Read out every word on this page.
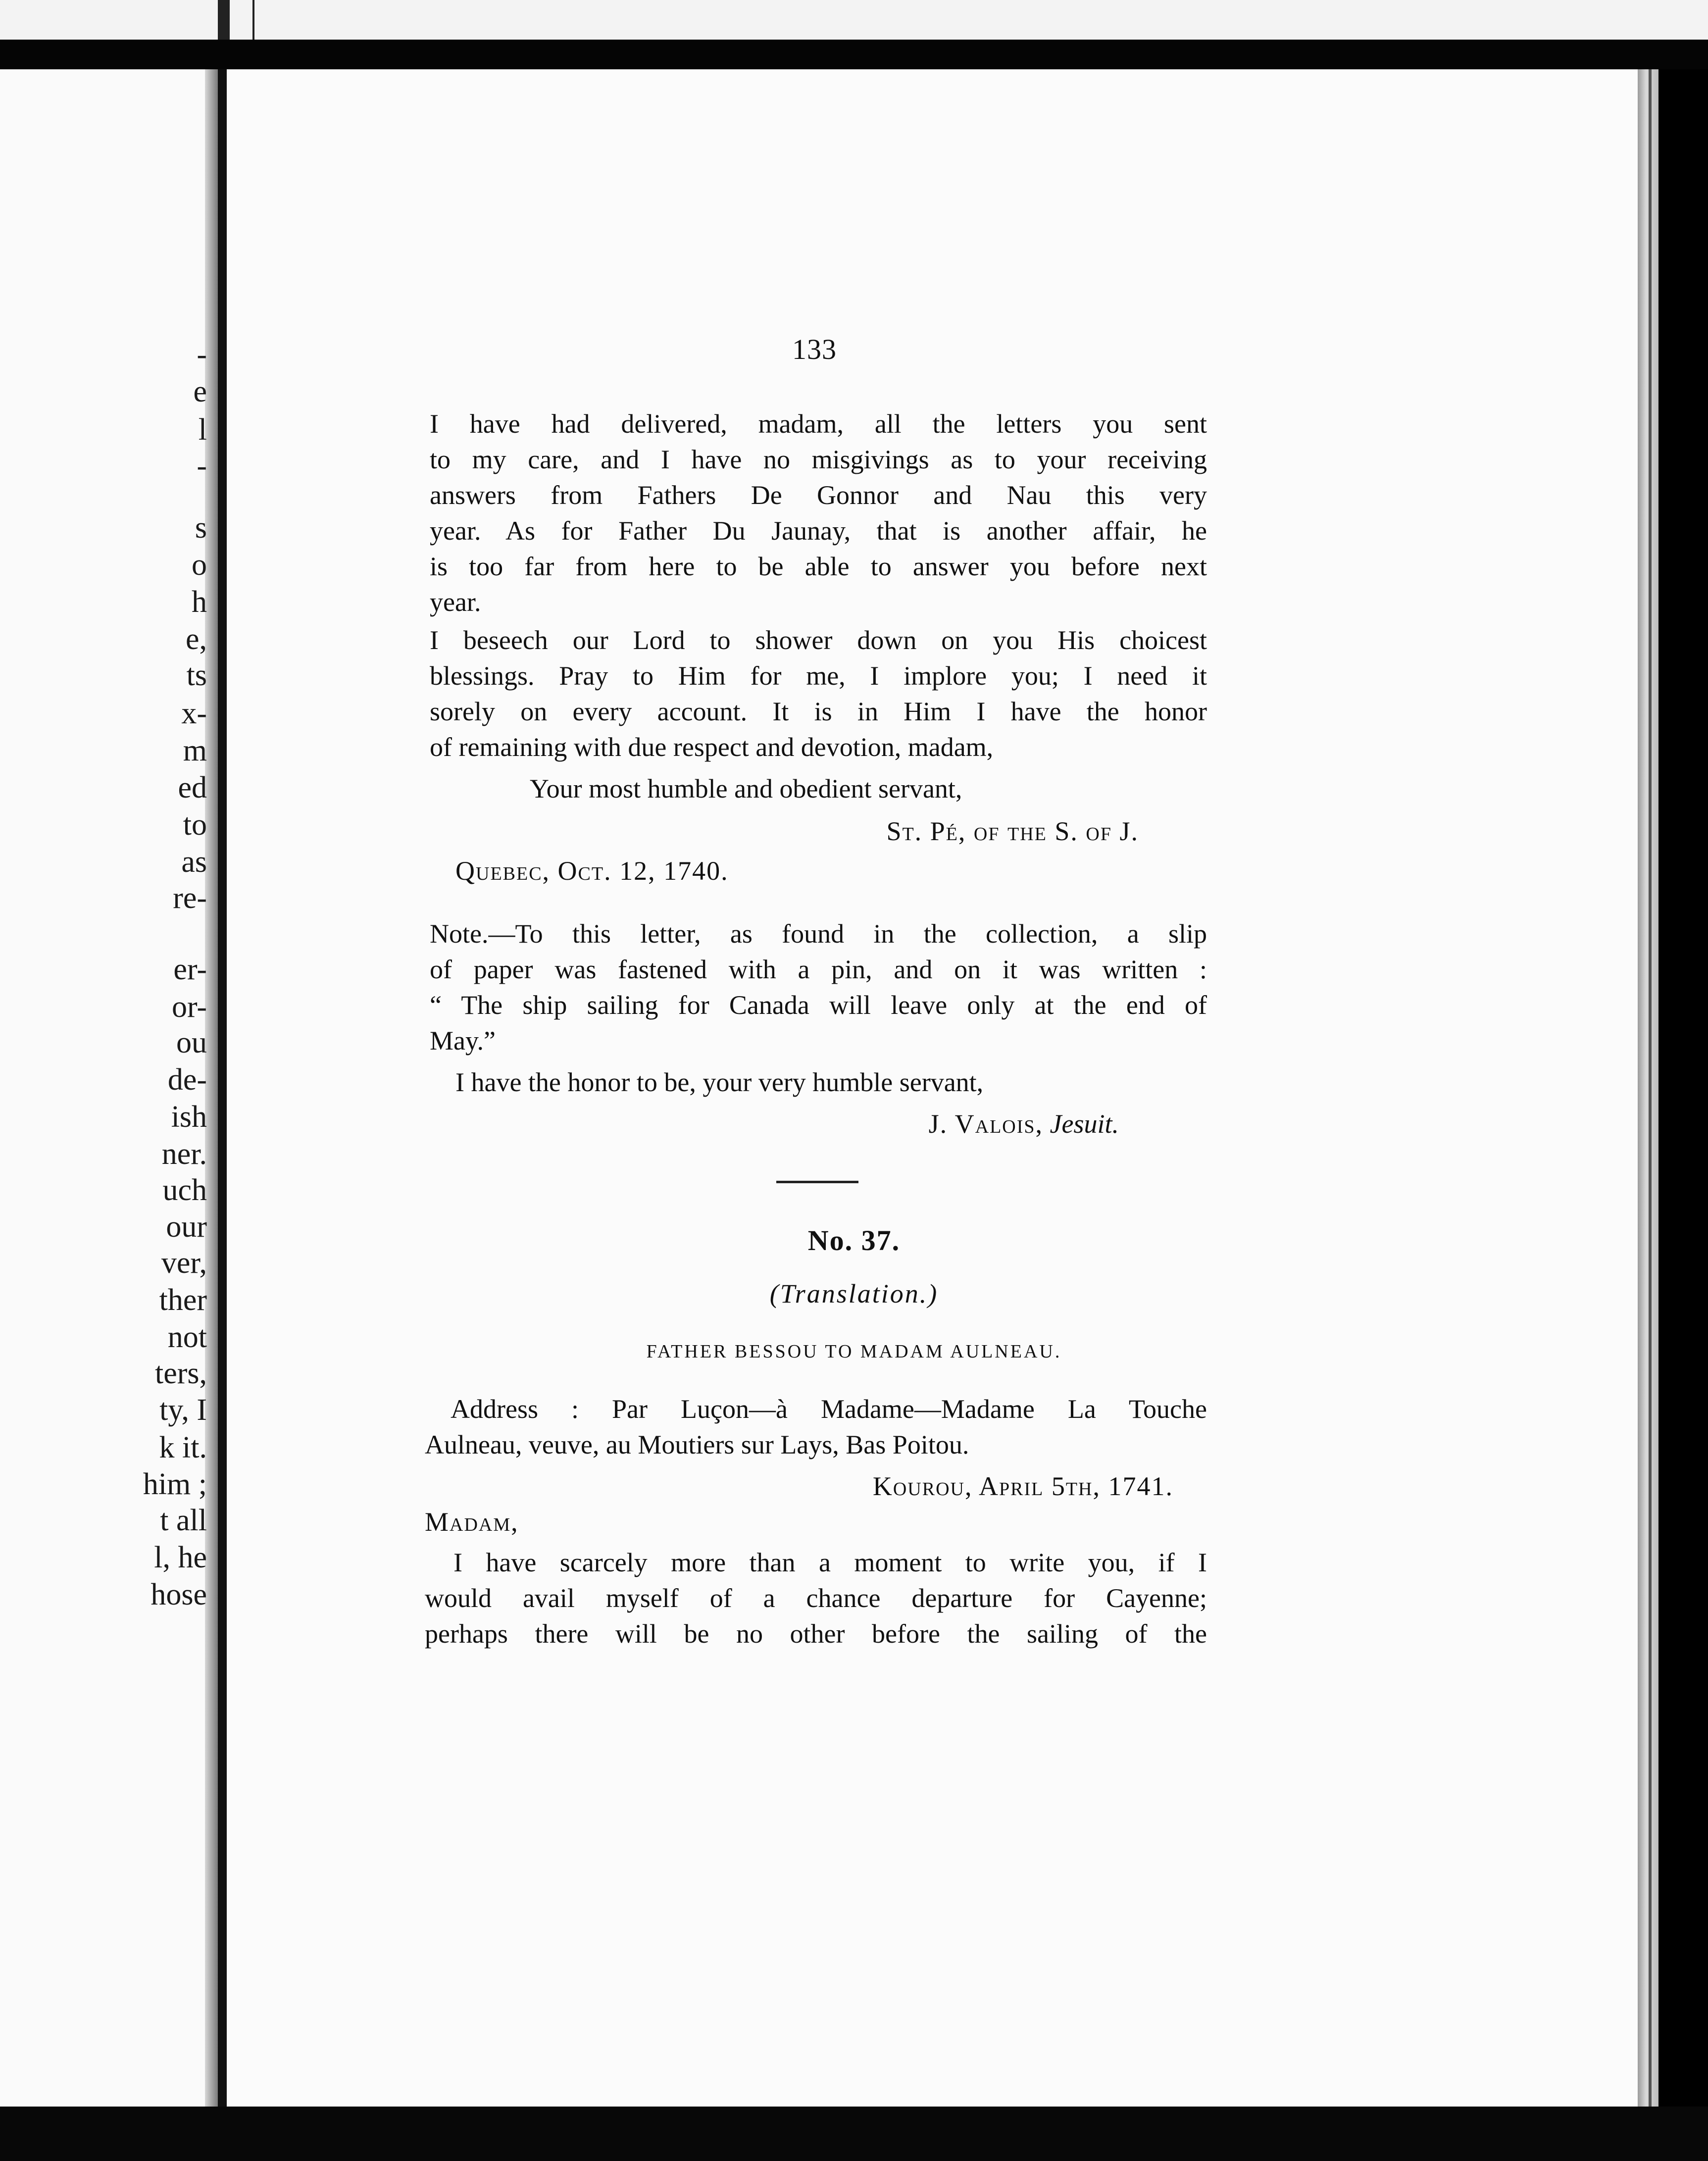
-
e
l
-
s
o
h
e,
ts
x-
m
ed
to
as
re-
er-
or-
ou
de-
ish
ner.
uch
our
ver,
ther
not
ters,
ty, I
k it.
him ;
t all
l, he
hose
133
I have had delivered, madam, all the letters you sent
to my care, and I have no misgivings as to your receiving
answers from Fathers De Gonnor and Nau this very
year. As for Father Du Jaunay, that is another affair, he
is too far from here to be able to answer you before next
year.
I beseech our Lord to shower down on you His choicest
blessings. Pray to Him for me, I implore you; I need it
sorely on every account. It is in Him I have the honor
of remaining with due respect and devotion, madam,
Your most humble and obedient servant,
St. Pé, of the S. of J.
Quebec, Oct. 12, 1740.
Note.—To this letter, as found in the collection, a slip
of paper was fastened with a pin, and on it was written :
“ The ship sailing for Canada will leave only at the end of
May.”
I have the honor to be, your very humble servant,
J. Valois, Jesuit.
No. 37.
(Translation.)
FATHER BESSOU TO MADAM AULNEAU.
Address : Par Luçon—à Madame—Madame La Touche
Aulneau, veuve, au Moutiers sur Lays, Bas Poitou.
Kourou, April 5th, 1741.
Madam,
I have scarcely more than a moment to write you, if I
would avail myself of a chance departure for Cayenne;
perhaps there will be no other before the sailing of the
